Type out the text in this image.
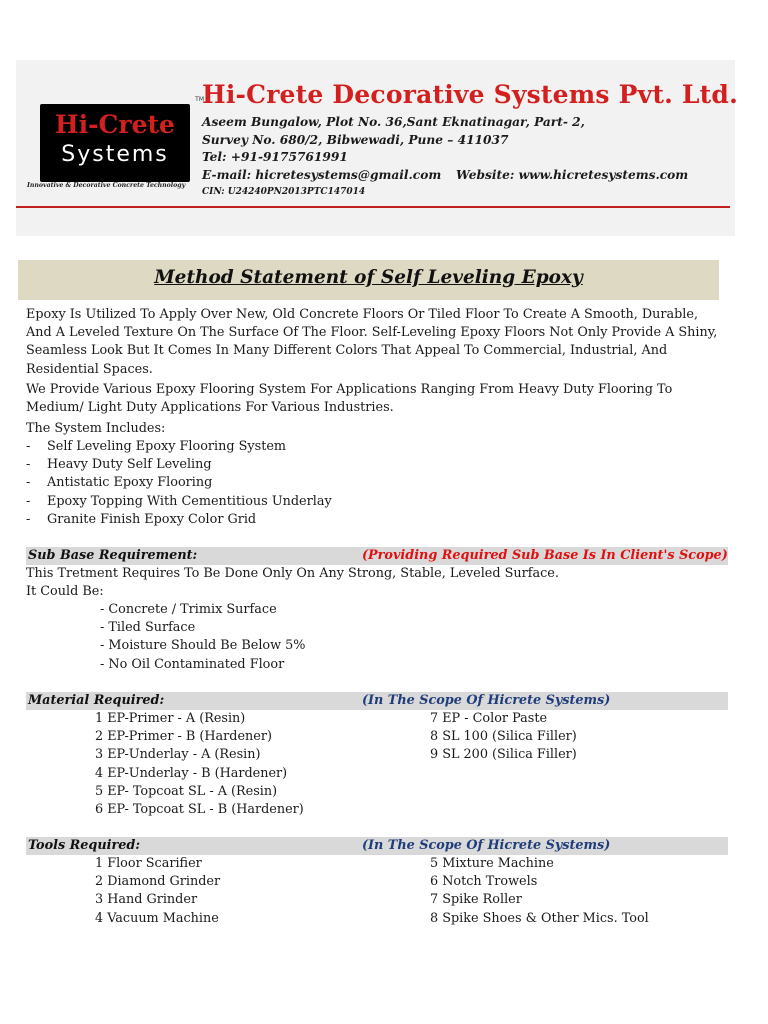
TM
Hi-Crete
Systems
Innovative & Decorative Concrete Technology
Hi-Crete Decorative Systems Pvt. Ltd.
Aseem Bungalow, Plot No. 36,Sant Eknatinagar, Part- 2,
Survey No. 680/2, Bibwewadi, Pune – 411037
Tel: +91-9175761991
E-mail: hicretesystems@gmail.com Website: www.hicretesystems.com
CIN: U24240PN2013PTC147014
Method Statement of Self Leveling Epoxy
Epoxy Is Utilized To Apply Over New, Old Concrete Floors Or Tiled Floor To Create A Smooth, Durable, And A Leveled Texture On The Surface Of The Floor. Self-Leveling Epoxy Floors Not Only Provide A Shiny, Seamless Look But It Comes In Many Different Colors That Appeal To Commercial, Industrial, And Residential Spaces.
We Provide Various Epoxy Flooring System For Applications Ranging From Heavy Duty Flooring To Medium/ Light Duty Applications For Various Industries.
The System Includes:
- Self Leveling Epoxy Flooring System
- Heavy Duty Self Leveling
- Antistatic Epoxy Flooring
- Epoxy Topping With Cementitious Underlay
- Granite Finish Epoxy Color Grid
Sub Base Requirement:	(Providing Required Sub Base Is In Client's Scope)
This Tretment Requires To Be Done Only On Any Strong, Stable, Leveled Surface.
It Could Be:
- Concrete / Trimix Surface
- Tiled Surface
- Moisture Should Be Below 5%
- No Oil Contaminated Floor
Material Required:	(In The Scope Of Hicrete Systems)
1 EP-Primer - A (Resin)
2 EP-Primer - B (Hardener)
3 EP-Underlay - A (Resin)
4 EP-Underlay - B (Hardener)
5 EP- Topcoat SL - A (Resin)
6 EP- Topcoat SL - B (Hardener)
7 EP - Color Paste
8 SL 100 (Silica Filler)
9 SL 200 (Silica Filler)
Tools Required:	(In The Scope Of Hicrete Systems)
1 Floor Scarifier
2 Diamond Grinder
3 Hand Grinder
4 Vacuum Machine
5 Mixture Machine
6 Notch Trowels
7 Spike Roller
8 Spike Shoes & Other Mics. Tool
